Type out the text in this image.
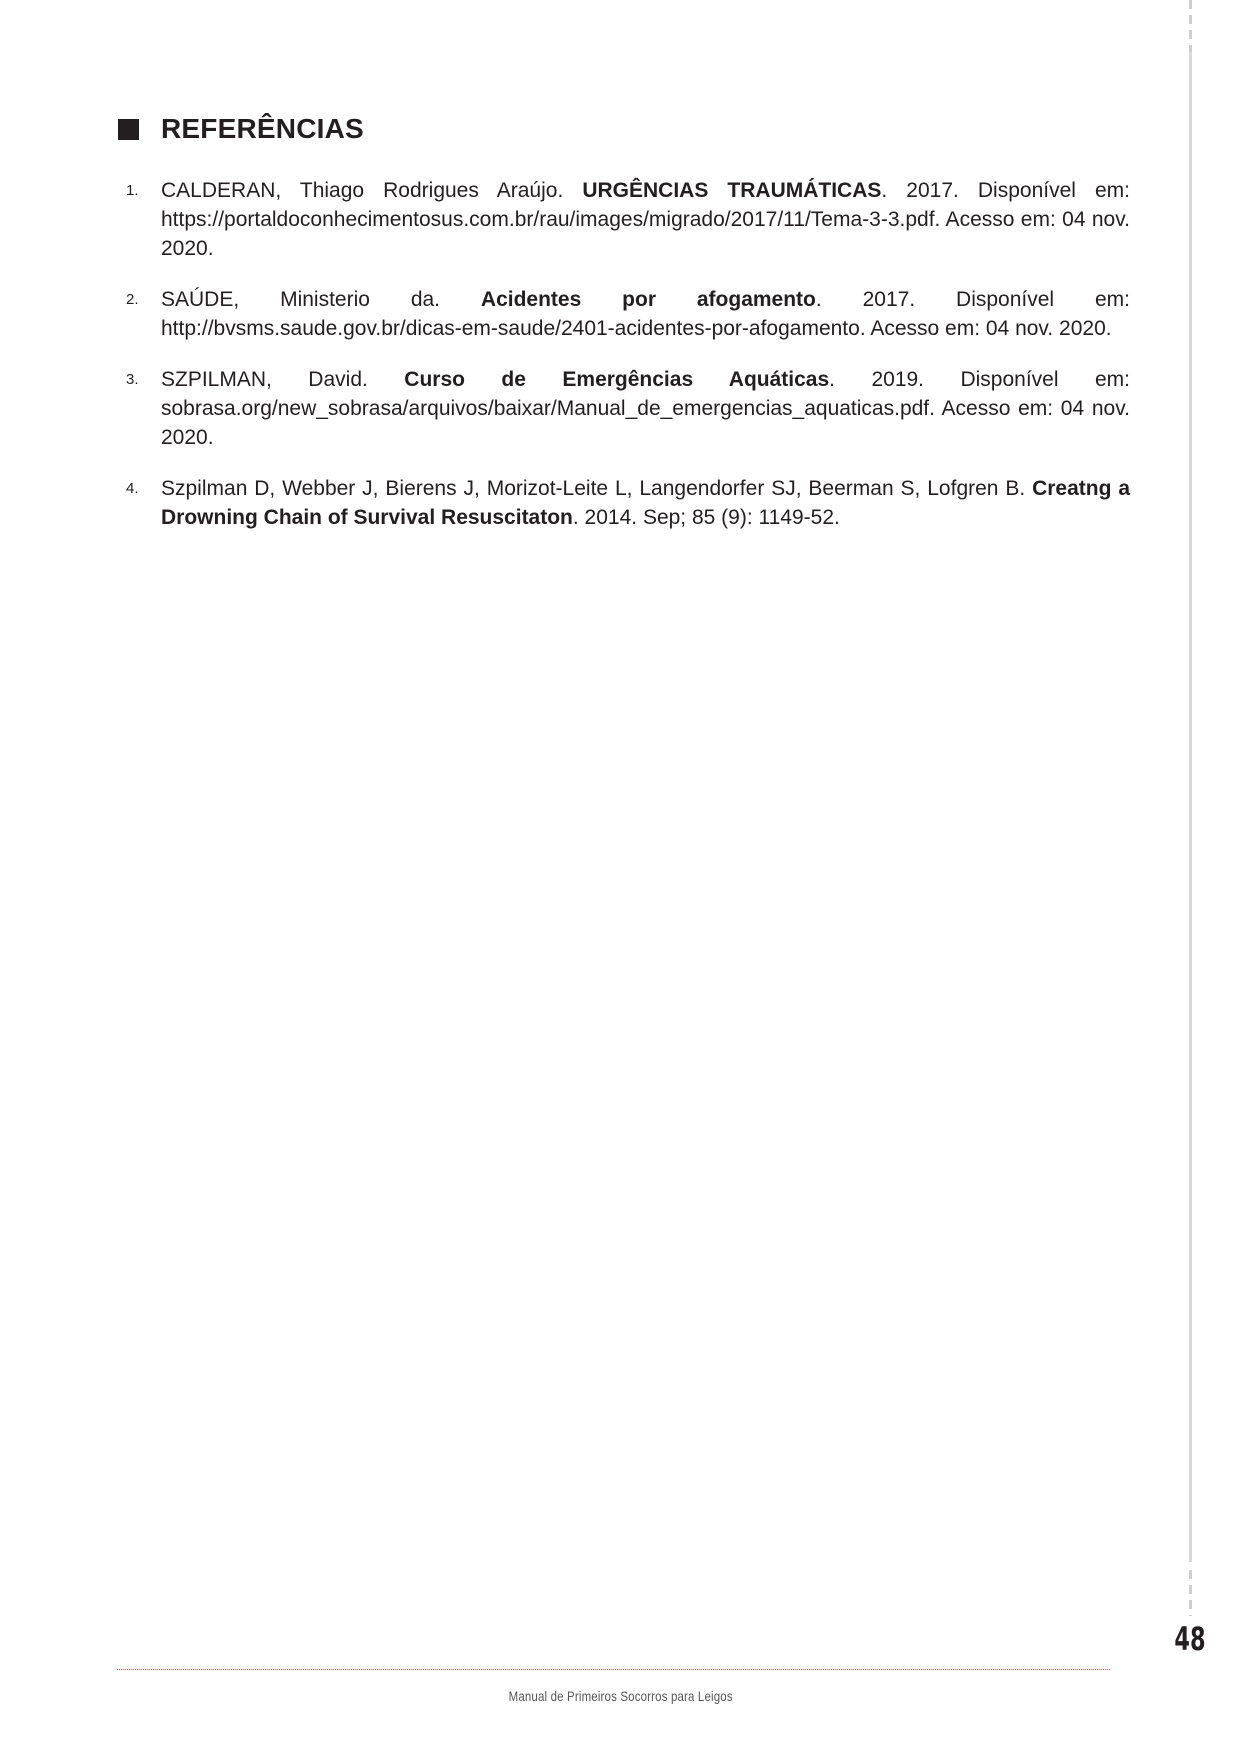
REFERÊNCIAS
1.	CALDERAN, Thiago Rodrigues Araújo. URGÊNCIAS TRAUMÁTICAS. 2017. Disponível em: https://portaldoconhecimentosus.com.br/rau/images/migrado/2017/11/Tema-3-3.pdf. Acesso em: 04 nov. 2020.
2.	SAÚDE, Ministerio da. Acidentes por afogamento. 2017. Disponível em: http://bvsms.saude.gov.br/dicas-em-saude/2401-acidentes-por-afogamento. Acesso em: 04 nov. 2020.
3.	SZPILMAN, David. Curso de Emergências Aquáticas. 2019. Disponível em: sobrasa.org/new_sobrasa/arquivos/baixar/Manual_de_emergencias_aquaticas.pdf. Acesso em: 04 nov. 2020.
4.	Szpilman D, Webber J, Bierens J, Morizot-Leite L, Langendorfer SJ, Beerman S, Lofgren B. Creatng a Drowning Chain of Survival Resuscitaton. 2014. Sep; 85 (9): 1149-52.
48
Manual de Primeiros Socorros para Leigos
